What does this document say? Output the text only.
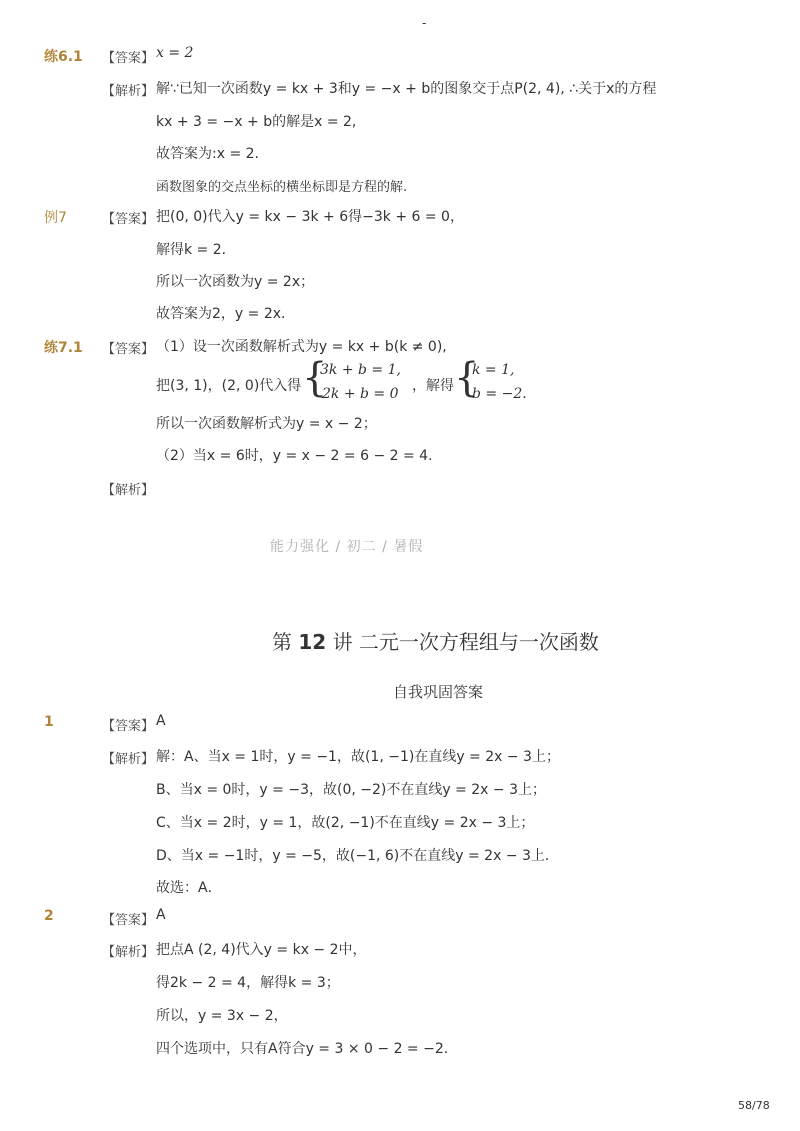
-
练6.1 【答案】 x = 2
【解析】 解∵已知一次函数y = kx + 3和y = −x + b的图象交于点P(2, 4), ∴关于x的方程
kx + 3 = −x + b的解是x = 2,
故答案为:x = 2.
函数图象的交点坐标的横坐标即是方程的解.
例7	【答案】 把(0, 0)代入y = kx − 3k + 6得−3k + 6 = 0，
解得k = 2．
所以一次函数为y = 2x；
故答案为2，y = 2x．
练7.1 【答案】 （1）设一次函数解析式为y = kx + b(k ≠ 0),
把(3, 1)，(2, 0)代入得 {
3k + b = 1,
2k + b = 0 ，解得 {
k = 1,
b = −2.
所以一次函数解析式为y = x − 2；
（2）当x = 6时，y = x − 2 = 6 − 2 = 4.
【解析】
能力强化 / 初二 / 暑假
第 12 讲 二元一次方程组与一次函数
自我巩固答案
1	【答案】 A
【解析】 解：A、当x = 1时，y = −1，故(1, −1)在直线y = 2x − 3上；
B、当x = 0时，y = −3，故(0, −2)不在直线y = 2x − 3上；
C、当x = 2时，y = 1，故(2, −1)不在直线y = 2x − 3上；
D、当x = −1时，y = −5，故(−1, 6)不在直线y = 2x − 3上．
故选：A．
2	【答案】 A
【解析】 把点A (2, 4)代入y = kx − 2中，
得2k − 2 = 4，解得k = 3；
所以，y = 3x − 2，
四个选项中，只有A符合y = 3 × 0 − 2 = −2.
58/78
